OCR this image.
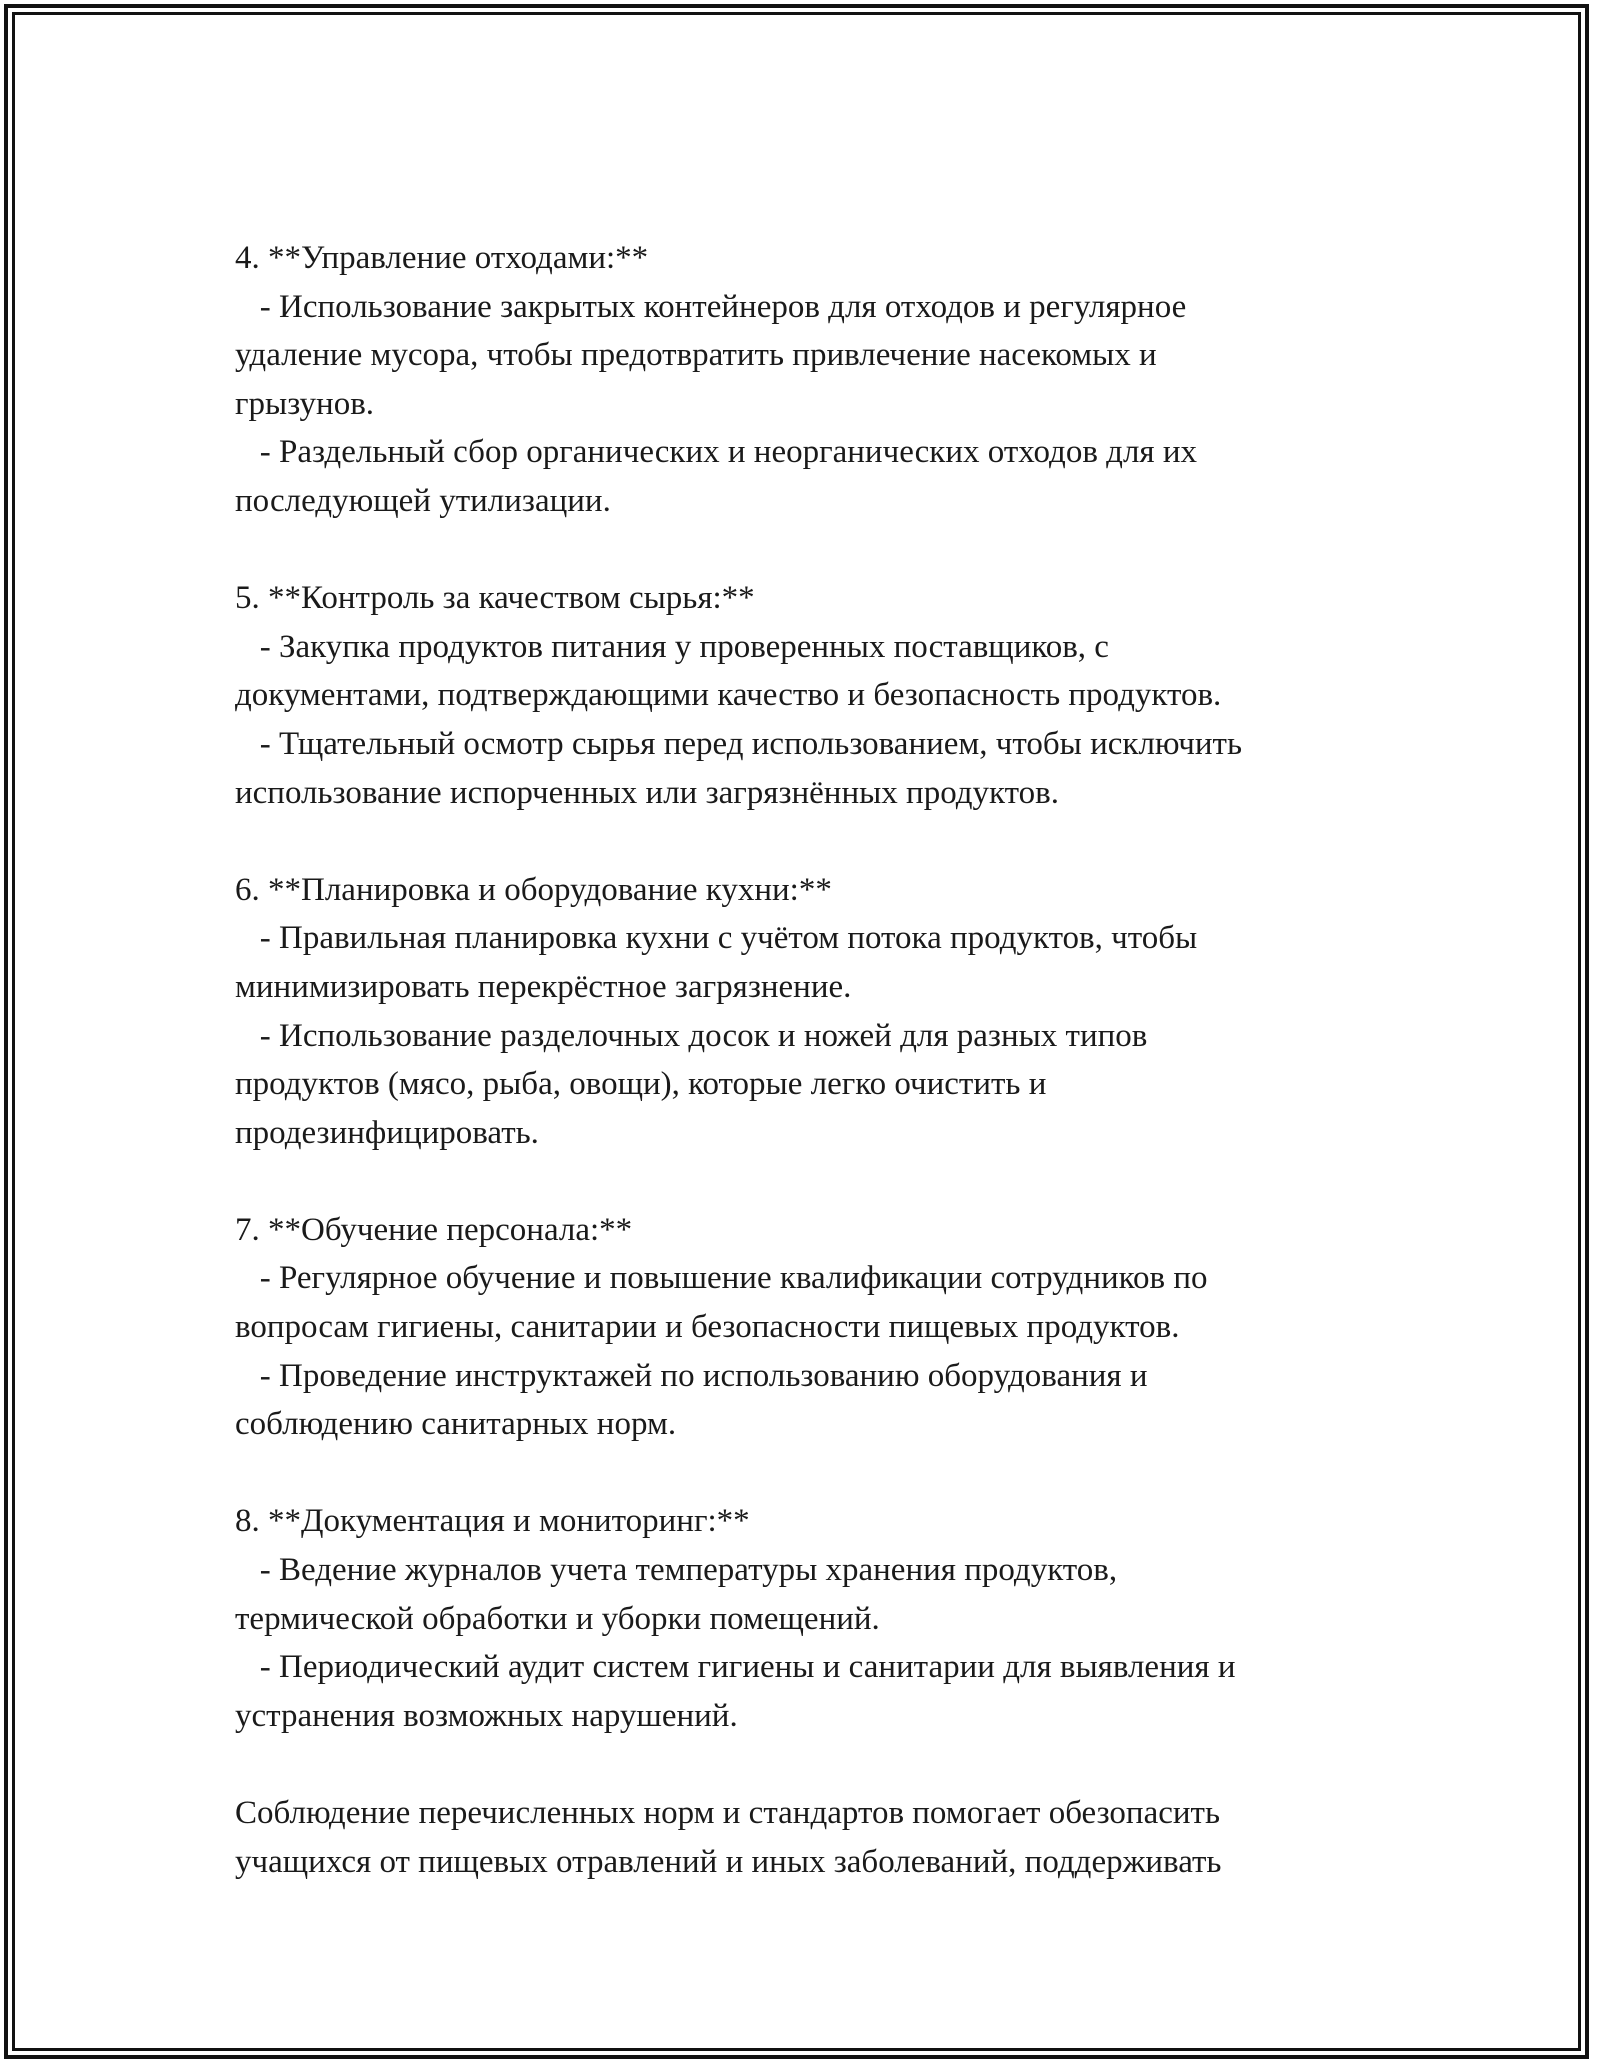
4. **Управление отходами:**
- Использование закрытых контейнеров для отходов и регулярное
удаление мусора, чтобы предотвратить привлечение насекомых и
грызунов.
- Раздельный сбор органических и неорганических отходов для их
последующей утилизации.
5. **Контроль за качеством сырья:**
- Закупка продуктов питания у проверенных поставщиков, с
документами, подтверждающими качество и безопасность продуктов.
- Тщательный осмотр сырья перед использованием, чтобы исключить
использование испорченных или загрязнённых продуктов.
6. **Планировка и оборудование кухни:**
- Правильная планировка кухни с учётом потока продуктов, чтобы
минимизировать перекрёстное загрязнение.
- Использование разделочных досок и ножей для разных типов
продуктов (мясо, рыба, овощи), которые легко очистить и
продезинфицировать.
7. **Обучение персонала:**
- Регулярное обучение и повышение квалификации сотрудников по
вопросам гигиены, санитарии и безопасности пищевых продуктов.
- Проведение инструктажей по использованию оборудования и
соблюдению санитарных норм.
8. **Документация и мониторинг:**
- Ведение журналов учета температуры хранения продуктов,
термической обработки и уборки помещений.
- Периодический аудит систем гигиены и санитарии для выявления и
устранения возможных нарушений.
Соблюдение перечисленных норм и стандартов помогает обезопасить
учащихся от пищевых отравлений и иных заболеваний, поддерживать
